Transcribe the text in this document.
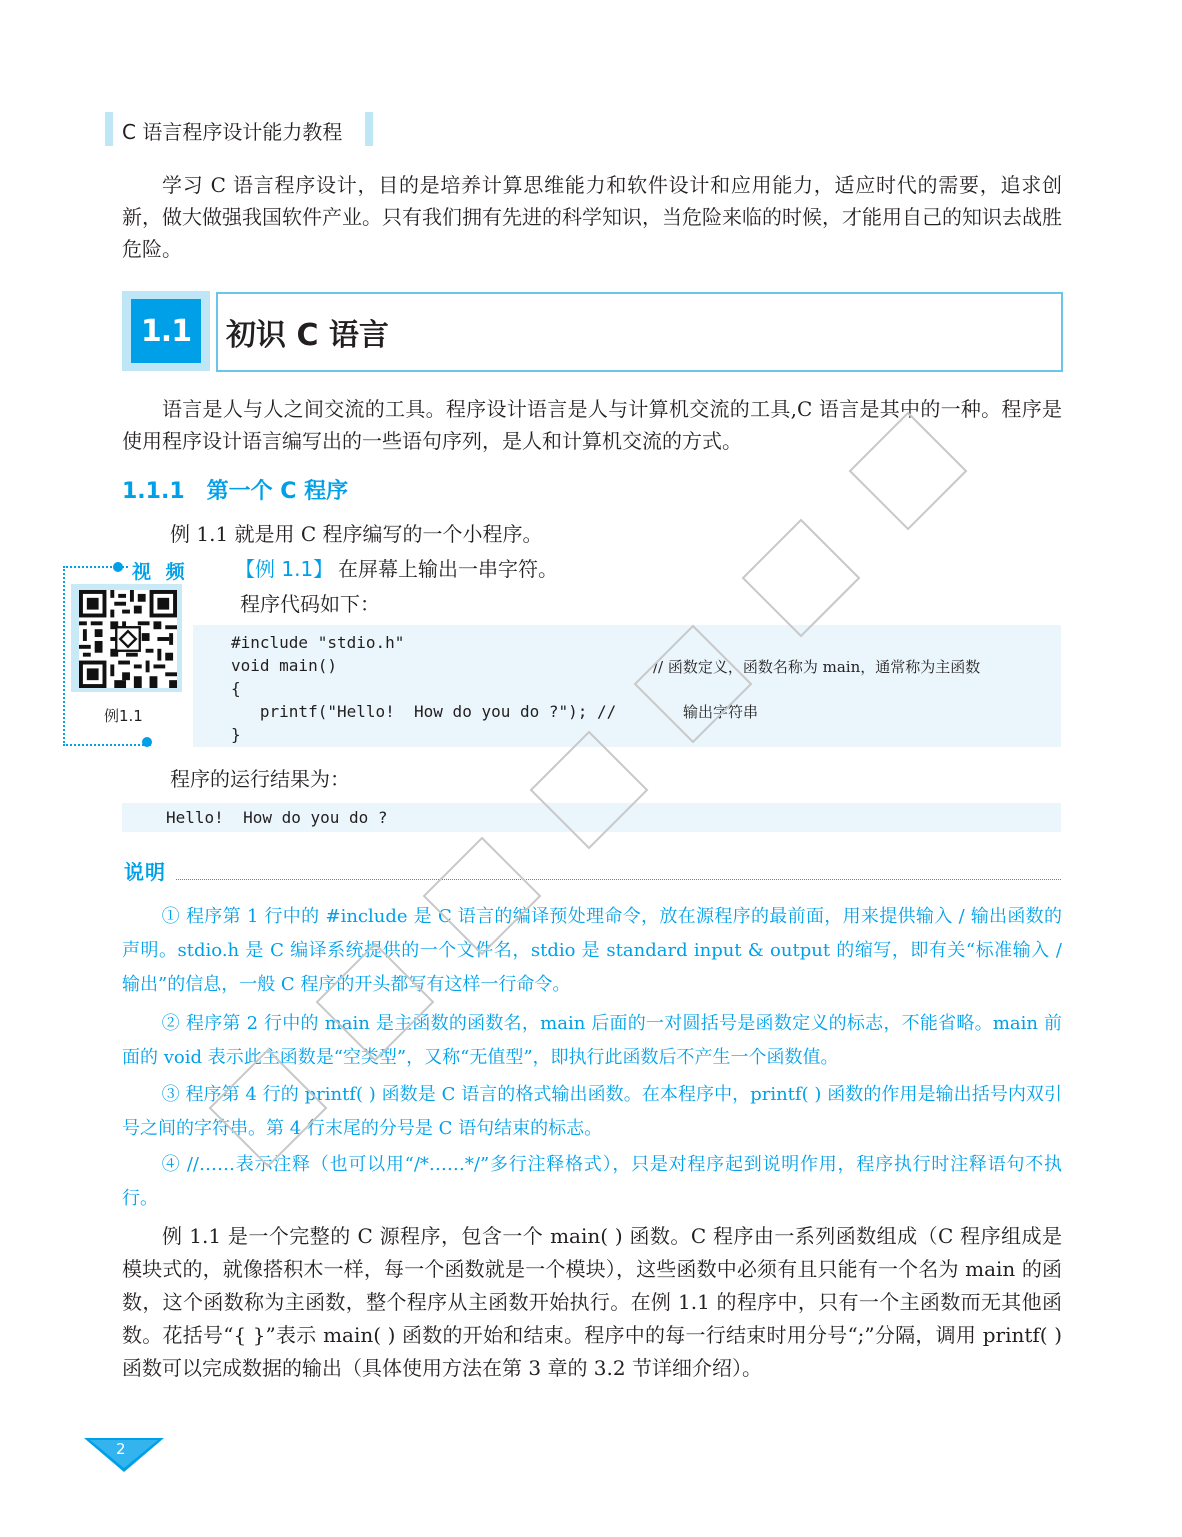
C 语言程序设计能力教程

学习 C 语言程序设计，目的是培养计算思维能力和软件设计和应用能力，适应时代的需要，追求创新，做大做强我国软件产业。只有我们拥有先进的科学知识，当危险来临的时候，才能用自己的知识去战胜危险。

1.1	初识 C 语言

语言是人与人之间交流的工具。程序设计语言是人与计算机交流的工具,C 语言是其中的一种。程序是使用程序设计语言编写出的一些语句序列，是人和计算机交流的方式。

1.1.1 第一个 C 程序
例 1.1 就是用 C 程序编写的一个小程序。
视 频
例1.1
【例 1.1】 在屏幕上输出一串字符。
程序代码如下：
#include "stdio.h"
void main()	// 函数定义，函数名称为 main，通常称为主函数
{
printf("Hello!  How do you do ?"); //	输出字符串
}
程序的运行结果为：
Hello!  How do you do ?
说明

① 程序第 1 行中的 #include 是 C 语言的编译预处理命令，放在源程序的最前面，用来提供输入 / 输出函数的声明。stdio.h 是 C 编译系统提供的一个文件名，stdio 是 standard input & output 的缩写，即有关“标准输入 / 输出”的信息，一般 C 程序的开头都写有这样一行命令。

② 程序第 2 行中的 main 是主函数的函数名，main 后面的一对圆括号是函数定义的标志，不能省略。main 前面的 void 表示此主函数是“空类型”，又称“无值型”，即执行此函数后不产生一个函数值。

③ 程序第 4 行的 printf( ) 函数是 C 语言的格式输出函数。在本程序中，printf( ) 函数的作用是输出括号内双引号之间的字符串。第 4 行末尾的分号是 C 语句结束的标志。

④ //……表示注释（也可以用“/*……*/”多行注释格式），只是对程序起到说明作用，程序执行时注释语句不执行。

例 1.1 是一个完整的 C 源程序，包含一个 main( ) 函数。C 程序由一系列函数组成（C 程序组成是模块式的，就像搭积木一样，每一个函数就是一个模块），这些函数中必须有且只能有一个名为 main 的函数，这个函数称为主函数，整个程序从主函数开始执行。在例 1.1 的程序中，只有一个主函数而无其他函数。花括号“{ }”表示 main( ) 函数的开始和结束。程序中的每一行结束时用分号“;”分隔，调用 printf( ) 函数可以完成数据的输出（具体使用方法在第 3 章的 3.2 节详细介绍）。

2
